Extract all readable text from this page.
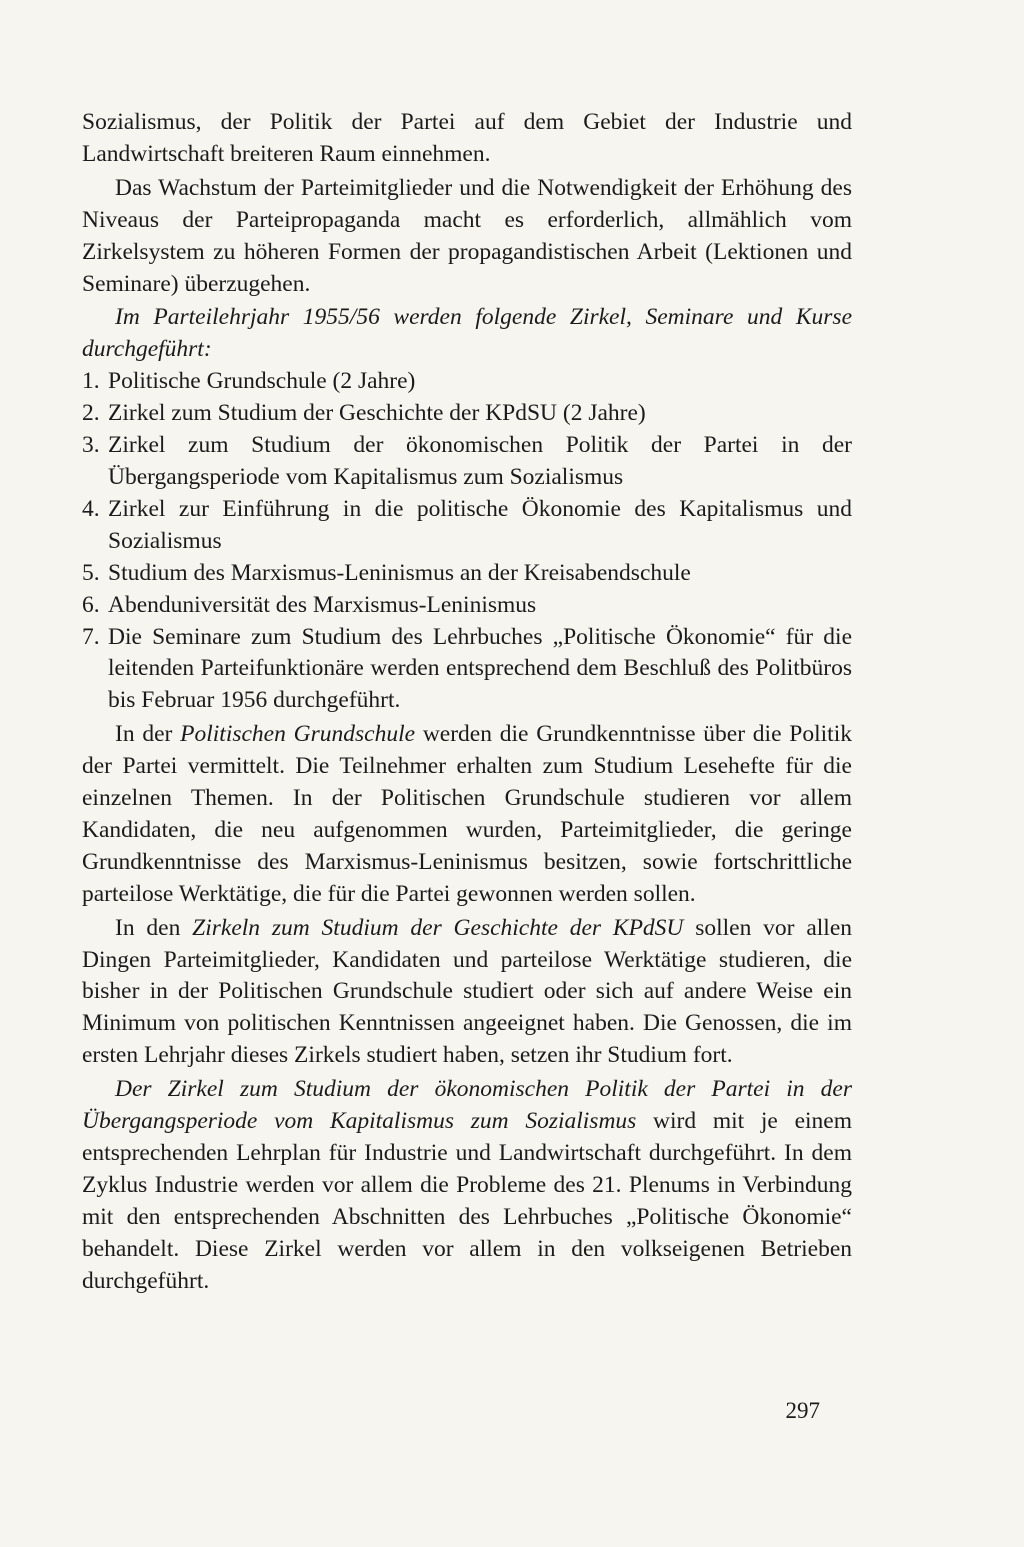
Sozialismus, der Politik der Partei auf dem Gebiet der Industrie und Landwirtschaft breiteren Raum einnehmen.

Das Wachstum der Parteimitglieder und die Notwendigkeit der Erhöhung des Niveaus der Parteipropaganda macht es erforderlich, allmählich vom Zirkelsystem zu höheren Formen der propagandistischen Arbeit (Lektionen und Seminare) überzugehen.

Im Parteilehrjahr 1955/56 werden folgende Zirkel, Seminare und Kurse durchgeführt:

1. Politische Grundschule (2 Jahre)
2. Zirkel zum Studium der Geschichte der KPdSU (2 Jahre)
3. Zirkel zum Studium der ökonomischen Politik der Partei in der Übergangsperiode vom Kapitalismus zum Sozialismus
4. Zirkel zur Einführung in die politische Ökonomie des Kapitalismus und Sozialismus
5. Studium des Marxismus-Leninismus an der Kreisabendschule
6. Abenduniversität des Marxismus-Leninismus
7. Die Seminare zum Studium des Lehrbuches „Politische Ökonomie“ für die leitenden Parteifunktionäre werden entsprechend dem Beschluß des Politbüros bis Februar 1956 durchgeführt.

In der Politischen Grundschule werden die Grundkenntnisse über die Politik der Partei vermittelt. Die Teilnehmer erhalten zum Studium Lesehefte für die einzelnen Themen. In der Politischen Grundschule studieren vor allem Kandidaten, die neu aufgenommen wurden, Parteimitglieder, die geringe Grundkenntnisse des Marxismus-Leninismus besitzen, sowie fortschrittliche parteilose Werktätige, die für die Partei gewonnen werden sollen.

In den Zirkeln zum Studium der Geschichte der KPdSU sollen vor allen Dingen Parteimitglieder, Kandidaten und parteilose Werktätige studieren, die bisher in der Politischen Grundschule studiert oder sich auf andere Weise ein Minimum von politischen Kenntnissen angeeignet haben. Die Genossen, die im ersten Lehrjahr dieses Zirkels studiert haben, setzen ihr Studium fort.

Der Zirkel zum Studium der ökonomischen Politik der Partei in der Übergangsperiode vom Kapitalismus zum Sozialismus wird mit je einem entsprechenden Lehrplan für Industrie und Landwirtschaft durchgeführt. In dem Zyklus Industrie werden vor allem die Probleme des 21. Plenums in Verbindung mit den entsprechenden Abschnitten des Lehrbuches „Politische Ökonomie“ behandelt. Diese Zirkel werden vor allem in den volkseigenen Betrieben durchgeführt.

297
